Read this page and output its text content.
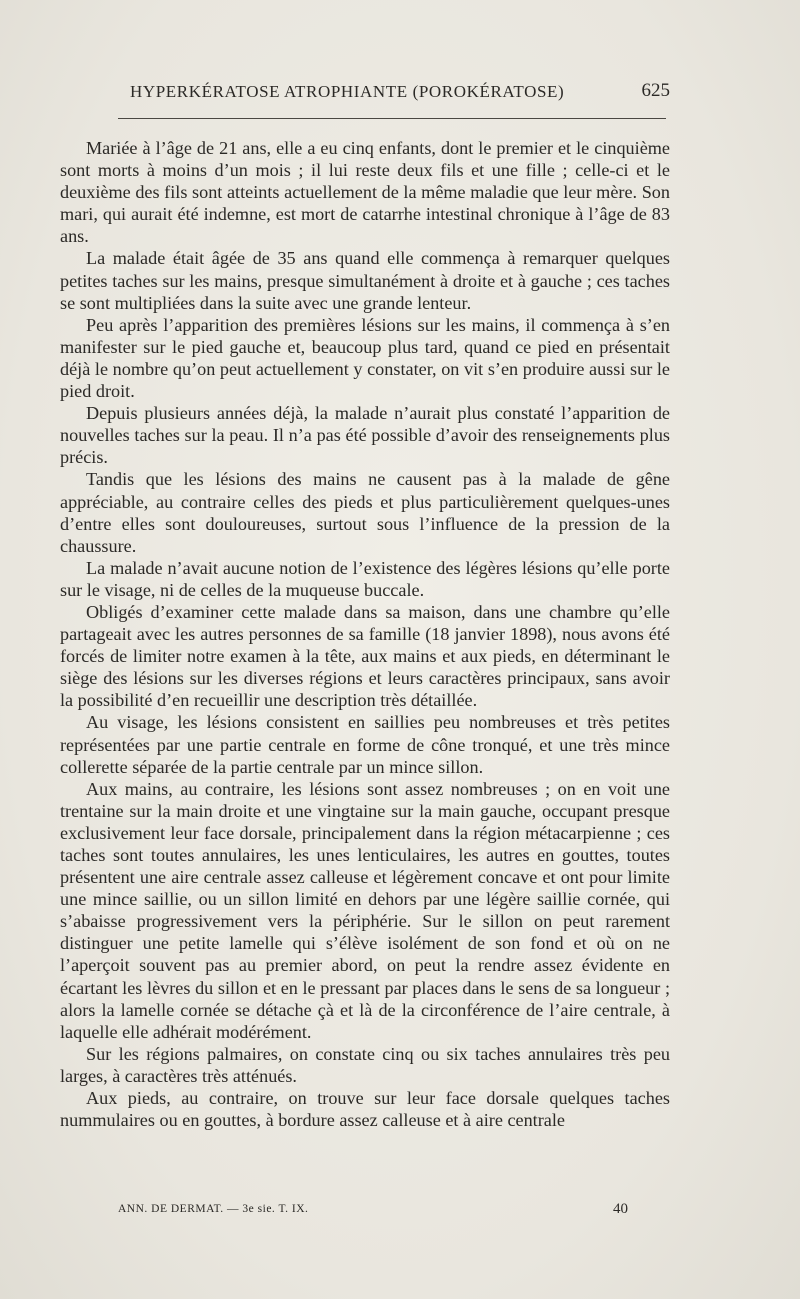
HYPERKÉRATOSE ATROPHIANTE (POROKÉRATOSE)	625

Mariée à l’âge de 21 ans, elle a eu cinq enfants, dont le premier et le cinquième sont morts à moins d’un mois ; il lui reste deux fils et une fille ; celle-ci et le deuxième des fils sont atteints actuellement de la même maladie que leur mère. Son mari, qui aurait été indemne, est mort de catarrhe intestinal chronique à l’âge de 83 ans.

La malade était âgée de 35 ans quand elle commença à remarquer quelques petites taches sur les mains, presque simultanément à droite et à gauche ; ces taches se sont multipliées dans la suite avec une grande lenteur.

Peu après l’apparition des premières lésions sur les mains, il commença à s’en manifester sur le pied gauche et, beaucoup plus tard, quand ce pied en présentait déjà le nombre qu’on peut actuellement y constater, on vit s’en produire aussi sur le pied droit.

Depuis plusieurs années déjà, la malade n’aurait plus constaté l’apparition de nouvelles taches sur la peau. Il n’a pas été possible d’avoir des renseignements plus précis.

Tandis que les lésions des mains ne causent pas à la malade de gêne appréciable, au contraire celles des pieds et plus particulièrement quelques-unes d’entre elles sont douloureuses, surtout sous l’influence de la pression de la chaussure.

La malade n’avait aucune notion de l’existence des légères lésions qu’elle porte sur le visage, ni de celles de la muqueuse buccale.

Obligés d’examiner cette malade dans sa maison, dans une chambre qu’elle partageait avec les autres personnes de sa famille (18 janvier 1898), nous avons été forcés de limiter notre examen à la tête, aux mains et aux pieds, en déterminant le siège des lésions sur les diverses régions et leurs caractères principaux, sans avoir la possibilité d’en recueillir une description très détaillée.

Au visage, les lésions consistent en saillies peu nombreuses et très petites représentées par une partie centrale en forme de cône tronqué, et une très mince collerette séparée de la partie centrale par un mince sillon.

Aux mains, au contraire, les lésions sont assez nombreuses ; on en voit une trentaine sur la main droite et une vingtaine sur la main gauche, occupant presque exclusivement leur face dorsale, principalement dans la région métacarpienne ; ces taches sont toutes annulaires, les unes lenticulaires, les autres en gouttes, toutes présentent une aire centrale assez calleuse et légèrement concave et ont pour limite une mince saillie, ou un sillon limité en dehors par une légère saillie cornée, qui s’abaisse progressivement vers la périphérie. Sur le sillon on peut rarement distinguer une petite lamelle qui s’élève isolément de son fond et où on ne l’aperçoit souvent pas au premier abord, on peut la rendre assez évidente en écartant les lèvres du sillon et en le pressant par places dans le sens de sa longueur ; alors la lamelle cornée se détache çà et là de la circonférence de l’aire centrale, à laquelle elle adhérait modérément.

Sur les régions palmaires, on constate cinq ou six taches annulaires très peu larges, à caractères très atténués.

Aux pieds, au contraire, on trouve sur leur face dorsale quelques taches nummulaires ou en gouttes, à bordure assez calleuse et à aire centrale

ANN. DE DERMAT. — 3e sie. T. IX.	40
